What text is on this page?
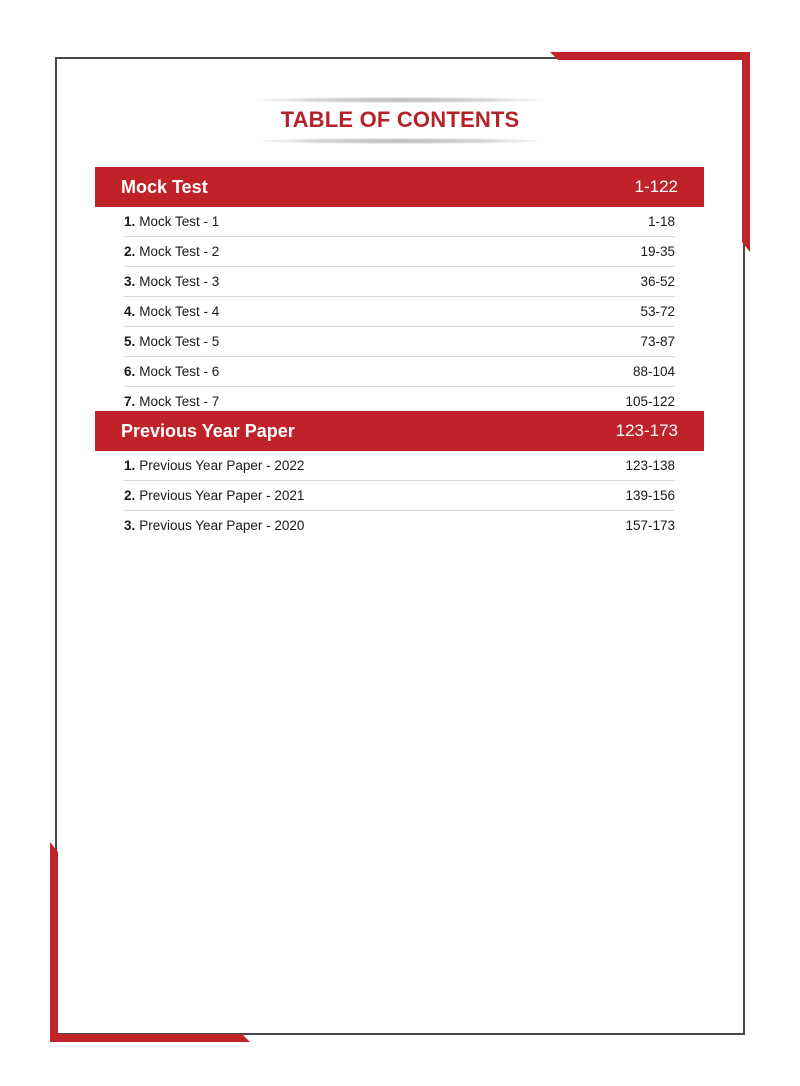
TABLE OF CONTENTS
Mock Test	1-122
1. Mock Test - 1	1-18
2. Mock Test - 2	19-35
3. Mock Test - 3	36-52
4. Mock Test - 4	53-72
5. Mock Test - 5	73-87
6. Mock Test - 6	88-104
7. Mock Test - 7	105-122
Previous Year Paper	123-173
1. Previous Year Paper - 2022	123-138
2. Previous Year Paper - 2021	139-156
3. Previous Year Paper - 2020	157-173
